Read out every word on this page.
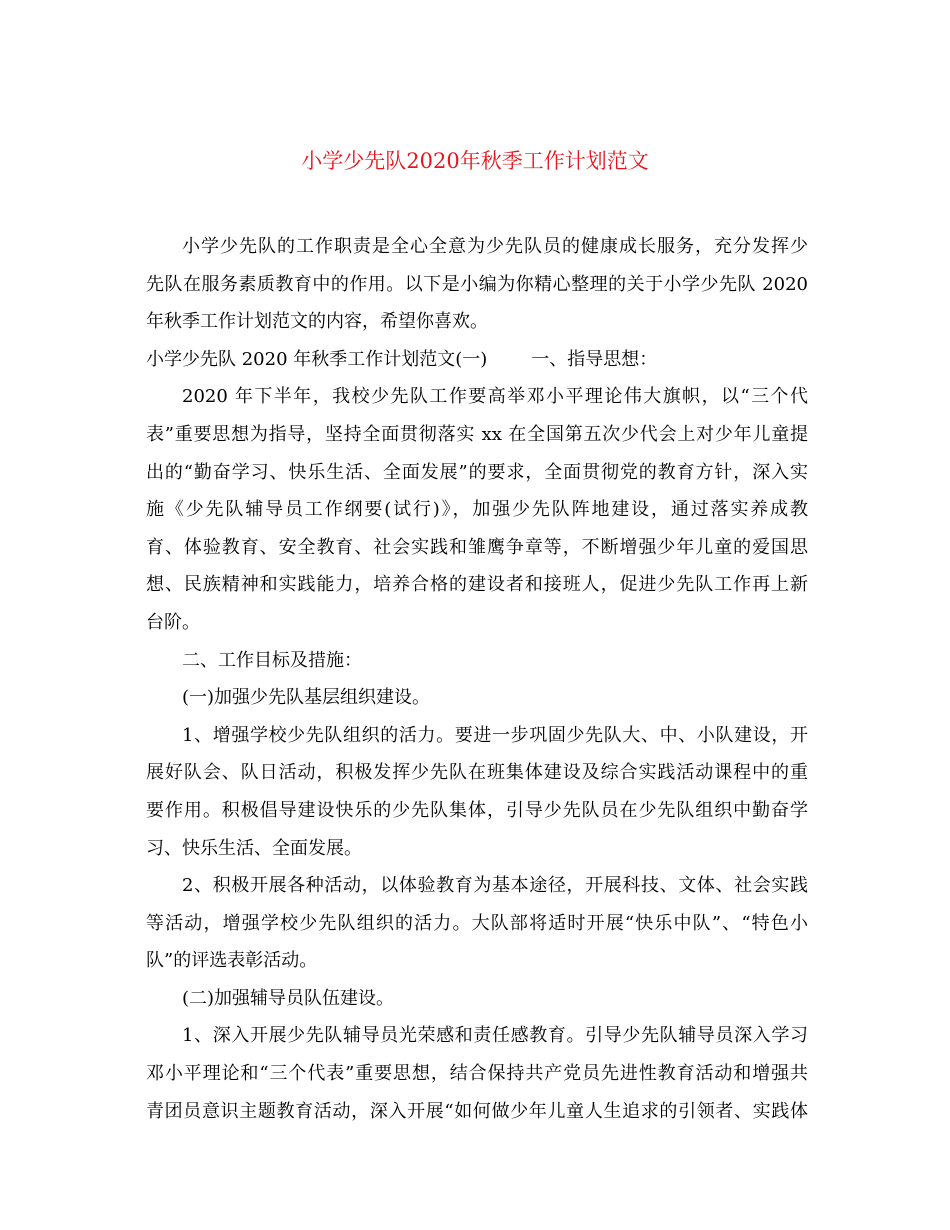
小学少先队2020年秋季工作计划范文
小学少先队的工作职责是全心全意为少先队员的健康成长服务，充分发挥少
先队在服务素质教育中的作用。以下是小编为你精心整理的关于小学少先队 2020
年秋季工作计划范文的内容，希望你喜欢。
小学少先队 2020 年秋季工作计划范文(一) 一、指导思想：
2020 年下半年，我校少先队工作要高举邓小平理论伟大旗帜，以“三个代
表”重要思想为指导，坚持全面贯彻落实 xx 在全国第五次少代会上对少年儿童提
出的“勤奋学习、快乐生活、全面发展”的要求，全面贯彻党的教育方针，深入实
施《少先队辅导员工作纲要(试行)》，加强少先队阵地建设，通过落实养成教
育、体验教育、安全教育、社会实践和雏鹰争章等，不断增强少年儿童的爱国思
想、民族精神和实践能力，培养合格的建设者和接班人，促进少先队工作再上新
台阶。
二、工作目标及措施：
(一)加强少先队基层组织建设。
1、增强学校少先队组织的活力。要进一步巩固少先队大、中、小队建设，开
展好队会、队日活动，积极发挥少先队在班集体建设及综合实践活动课程中的重
要作用。积极倡导建设快乐的少先队集体，引导少先队员在少先队组织中勤奋学
习、快乐生活、全面发展。
2、积极开展各种活动，以体验教育为基本途径，开展科技、文体、社会实践
等活动，增强学校少先队组织的活力。大队部将适时开展“快乐中队”、“特色小
队”的评选表彰活动。
(二)加强辅导员队伍建设。
1、深入开展少先队辅导员光荣感和责任感教育。引导少先队辅导员深入学习
邓小平理论和“三个代表”重要思想，结合保持共产党员先进性教育活动和增强共
青团员意识主题教育活动，深入开展“如何做少年儿童人生追求的引领者、实践体
